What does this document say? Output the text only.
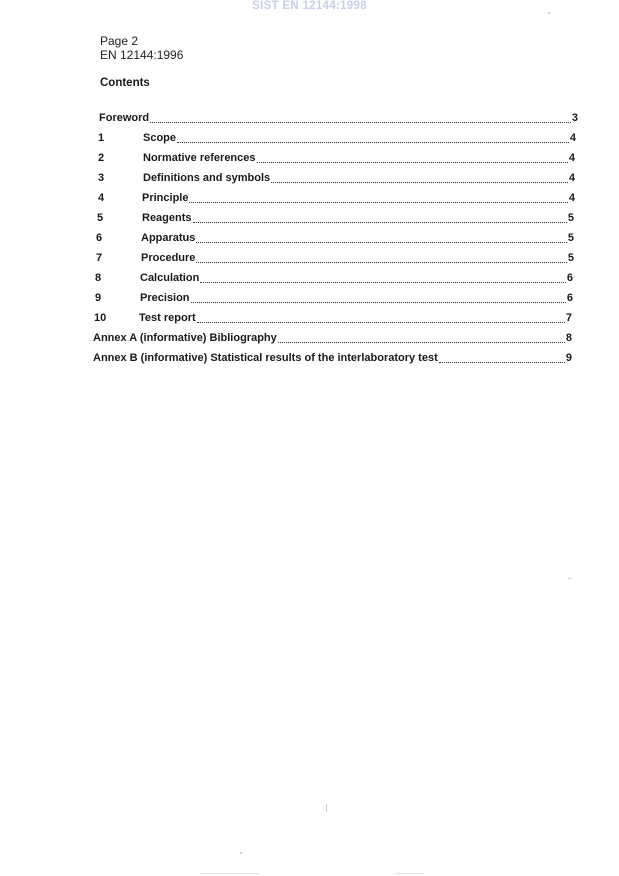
SIST EN 12144:1998
Page 2
EN 12144:1996
Contents
Foreword	3
1	Scope	4
2	Normative references	4
3	Definitions and symbols	4
4	Principle	4
5	Reagents	5
6	Apparatus	5
7	Procedure	5
8	Calculation	6
9	Precision	6
10	Test report	7
Annex A (informative) Bibliography	8
Annex B (informative) Statistical results of the interlaboratory test	9
